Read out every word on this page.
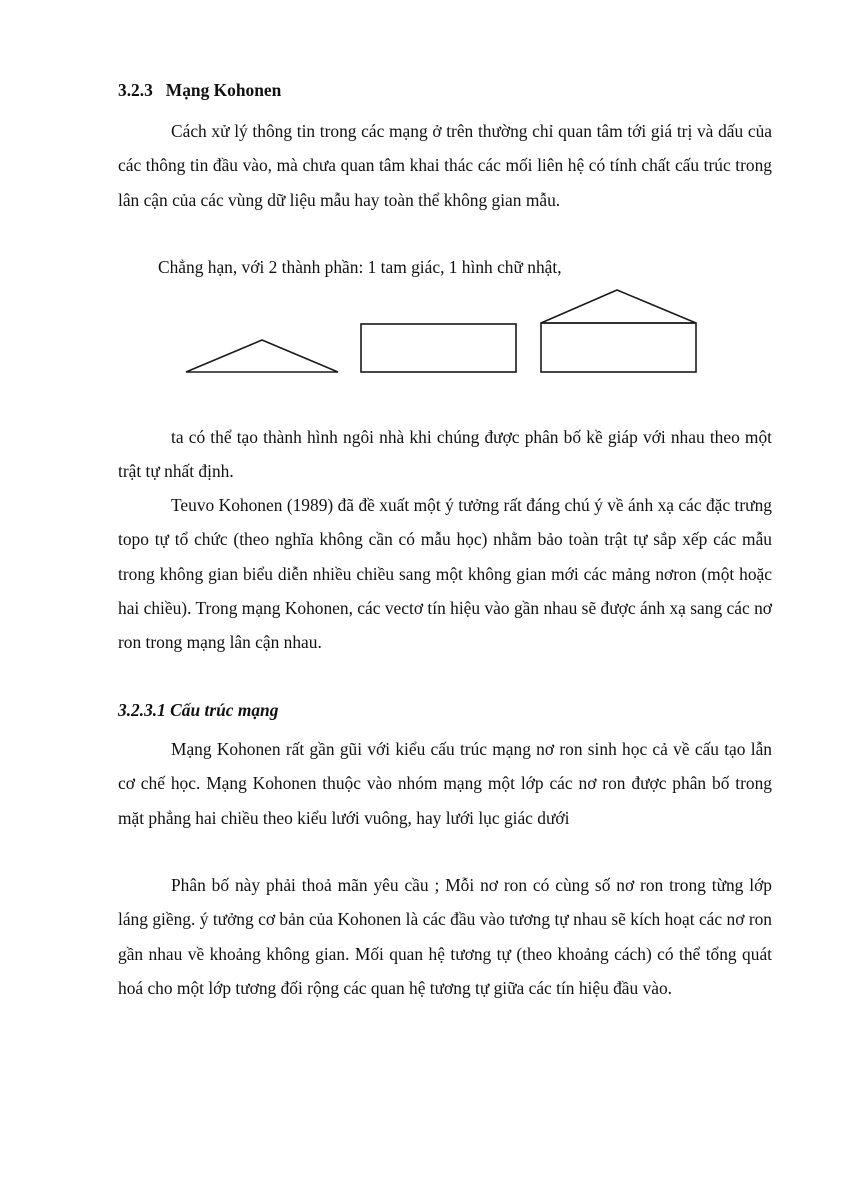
3.2.3 Mạng Kohonen

Cách xử lý thông tin trong các mạng ở trên thường chỉ quan tâm tới giá trị và dấu của các thông tin đầu vào, mà chưa quan tâm khai thác các mối liên hệ có tính chất cấu trúc trong lân cận của các vùng dữ liệu mẫu hay toàn thể không gian mẫu.

Chẳng hạn, với 2 thành phần: 1 tam giác, 1 hình chữ nhật,

ta có thể tạo thành hình ngôi nhà khi chúng được phân bố kề giáp với nhau theo một trật tự nhất định.

Teuvo Kohonen (1989) đã đề xuất một ý tưởng rất đáng chú ý về ánh xạ các đặc trưng topo tự tổ chức (theo nghĩa không cần có mẫu học) nhằm bảo toàn trật tự sắp xếp các mẫu trong không gian biểu diễn nhiều chiều sang một không gian mới các mảng nơron (một hoặc hai chiều). Trong mạng Kohonen, các vectơ tín hiệu vào gần nhau sẽ được ánh xạ sang các nơ ron trong mạng lân cận nhau.

3.2.3.1 Cấu trúc mạng

Mạng Kohonen rất gần gũi với kiểu cấu trúc mạng nơ ron sinh học cả về cấu tạo lẫn cơ chế học. Mạng Kohonen thuộc vào nhóm mạng một lớp các nơ ron được phân bố trong mặt phẳng hai chiều theo kiểu lưới vuông, hay lưới lục giác dưới

Phân bố này phải thoả mãn yêu cầu ; Mỗi nơ ron có cùng số nơ ron trong từng lớp láng giềng. ý tưởng cơ bản của Kohonen là các đầu vào tương tự nhau sẽ kích hoạt các nơ ron gần nhau về khoảng không gian. Mối quan hệ tương tự (theo khoảng cách) có thể tổng quát hoá cho một lớp tương đối rộng các quan hệ tương tự giữa các tín hiệu đầu vào.
